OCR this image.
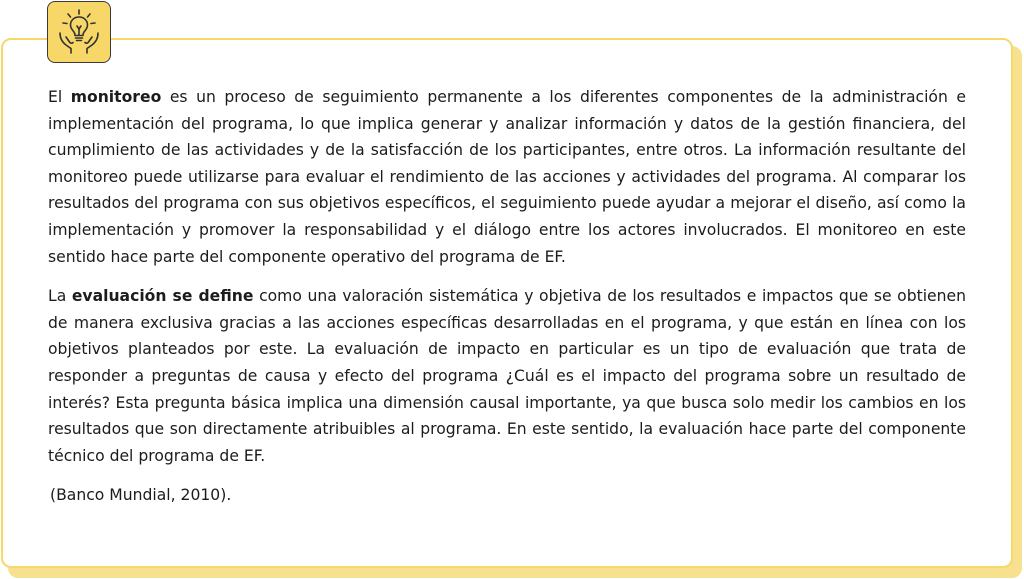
El monitoreo es un proceso de seguimiento permanente a los diferentes componentes de la administración e implementación del programa, lo que implica generar y analizar información y datos de la gestión financiera, del cumplimiento de las actividades y de la satisfacción de los participantes, entre otros. La información resultante del monitoreo puede utilizarse para evaluar el rendimiento de las acciones y actividades del programa. Al comparar los resultados del programa con sus objetivos específicos, el seguimiento puede ayudar a mejorar el diseño, así como la implementación y promover la responsabilidad y el diálogo entre los actores involucrados. El monitoreo en este sentido hace parte del componente operativo del programa de EF.

La evaluación se define como una valoración sistemática y objetiva de los resultados e impactos que se obtienen de manera exclusiva gracias a las acciones específicas desarrolladas en el programa, y que están en línea con los objetivos planteados por este. La evaluación de impacto en particular es un tipo de evaluación que trata de responder a preguntas de causa y efecto del programa ¿Cuál es el impacto del programa sobre un resultado de interés? Esta pregunta básica implica una dimensión causal importante, ya que busca solo medir los cambios en los resultados que son directamente atribuibles al programa. En este sentido, la evaluación hace parte del componente técnico del programa de EF.

(Banco Mundial, 2010).
